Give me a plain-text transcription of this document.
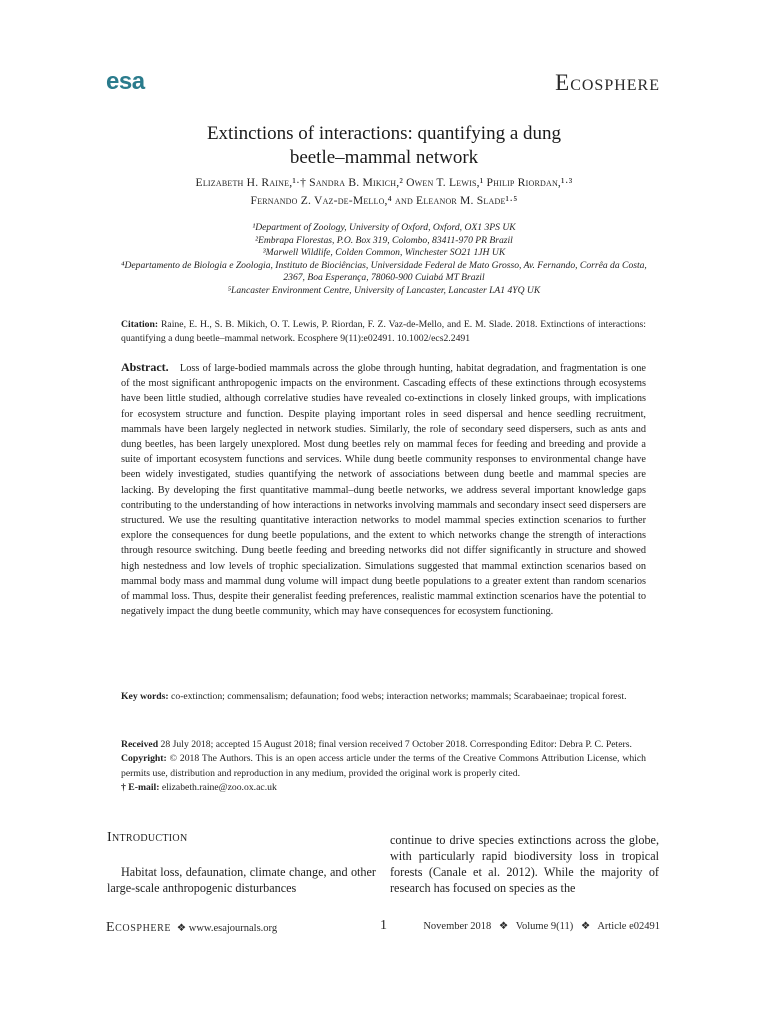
esa	Ecosphere
Extinctions of interactions: quantifying a dung
beetle–mammal network
Elizabeth H. Raine,¹·† Sandra B. Mikich,² Owen T. Lewis,¹ Philip Riordan,¹·³
Fernando Z. Vaz-de-Mello,⁴ and Eleanor M. Slade¹·⁵
¹Department of Zoology, University of Oxford, Oxford, OX1 3PS UK
²Embrapa Florestas, P.O. Box 319, Colombo, 83411-970 PR Brazil
³Marwell Wildlife, Colden Common, Winchester SO21 1JH UK
⁴Departamento de Biologia e Zoologia, Instituto de Biociências, Universidade Federal de Mato Grosso, Av. Fernando, Corrêa da Costa,
2367, Boa Esperança, 78060-900 Cuiabá MT Brazil
⁵Lancaster Environment Centre, University of Lancaster, Lancaster LA1 4YQ UK
Citation: Raine, E. H., S. B. Mikich, O. T. Lewis, P. Riordan, F. Z. Vaz-de-Mello, and E. M. Slade. 2018. Extinctions of interactions: quantifying a dung beetle–mammal network. Ecosphere 9(11):e02491. 10.1002/ecs2.2491
Abstract. Loss of large-bodied mammals across the globe through hunting, habitat degradation, and fragmentation is one of the most significant anthropogenic impacts on the environment. Cascading effects of these extinctions through ecosystems have been little studied, although correlative studies have revealed co-extinctions in closely linked groups, with implications for ecosystem structure and function. Despite playing important roles in seed dispersal and hence seedling recruitment, mammals have been largely neglected in network studies. Similarly, the role of secondary seed dispersers, such as ants and dung beetles, has been largely unexplored. Most dung beetles rely on mammal feces for feeding and breeding and provide a suite of important ecosystem functions and services. While dung beetle community responses to environmental change have been widely investigated, studies quantifying the network of associations between dung beetle and mammal species are lacking. By developing the first quantitative mammal–dung beetle networks, we address several important knowledge gaps contributing to the understanding of how interactions in networks involving mammals and secondary insect seed dispersers are structured. We use the resulting quantitative interaction networks to model mammal species extinction scenarios to further explore the consequences for dung beetle populations, and the extent to which networks change the strength of interactions through resource switching. Dung beetle feeding and breeding networks did not differ significantly in structure and showed high nestedness and low levels of trophic specialization. Simulations suggested that mammal extinction scenarios based on mammal body mass and mammal dung volume will impact dung beetle populations to a greater extent than random scenarios of mammal loss. Thus, despite their generalist feeding preferences, realistic mammal extinction scenarios have the potential to negatively impact the dung beetle community, which may have consequences for ecosystem functioning.
Key words: co-extinction; commensalism; defaunation; food webs; interaction networks; mammals; Scarabaeinae; tropical forest.

Received 28 July 2018; accepted 15 August 2018; final version received 7 October 2018. Corresponding Editor: Debra P. C. Peters.

Copyright: © 2018 The Authors. This is an open access article under the terms of the Creative Commons Attribution License, which permits use, distribution and reproduction in any medium, provided the original work is properly cited.

† E-mail: elizabeth.raine@zoo.ox.ac.uk

Introduction
Habitat loss, defaunation, climate change, and other large-scale anthropogenic disturbances
continue to drive species extinctions across the globe, with particularly rapid biodiversity loss in tropical forests (Canale et al. 2012). While the majority of research has focused on species as the
Ecosphere ❖ www.esajournals.org	1	November 2018 ❖ Volume 9(11) ❖ Article e02491
